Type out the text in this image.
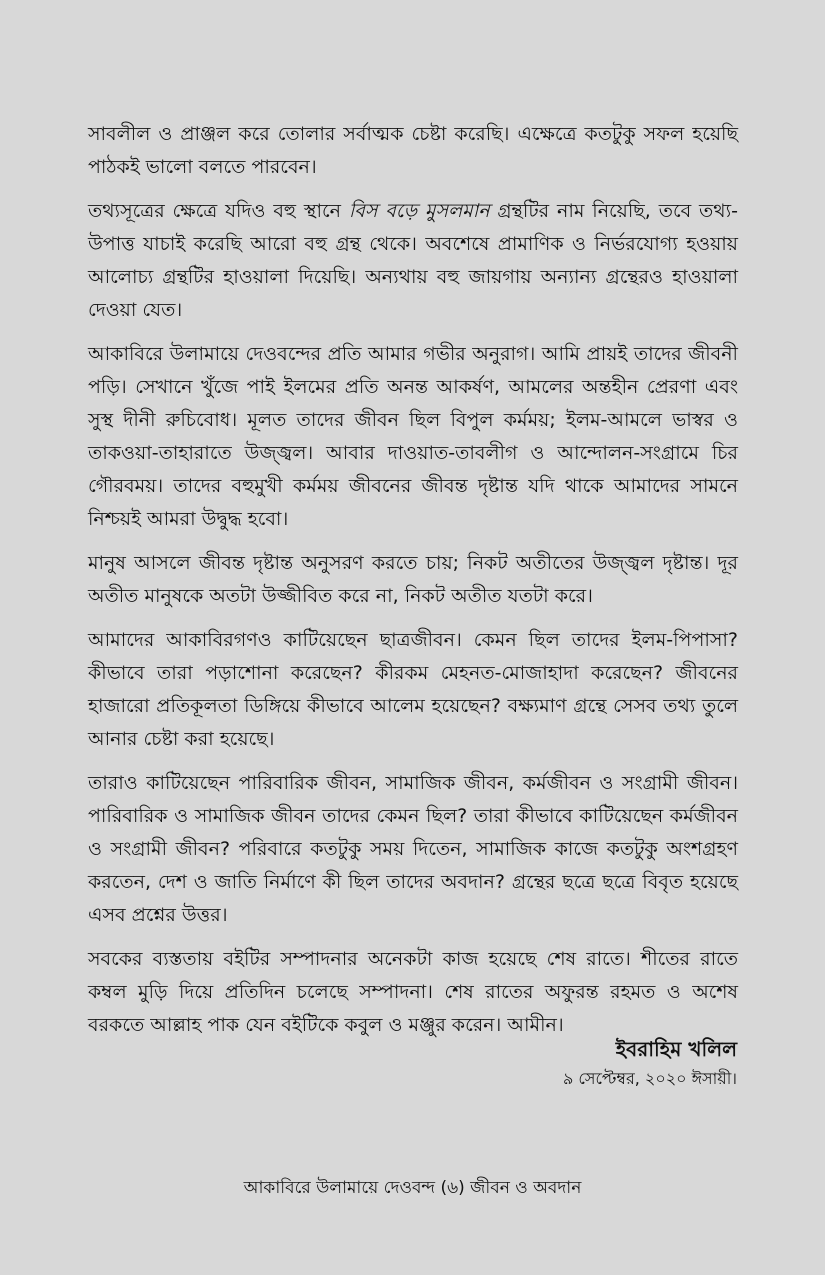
সাবলীল ও প্রাঞ্জল করে তোলার সর্বাত্মক চেষ্টা করেছি। এক্ষেত্রে কতটুকু সফল হয়েছি পাঠকই ভালো বলতে পারবেন।

তথ্যসূত্রের ক্ষেত্রে যদিও বহু স্থানে বিস বড়ে মুসলমান গ্রন্থটির নাম নিয়েছি, তবে তথ্য-উপাত্ত যাচাই করেছি আরো বহু গ্রন্থ থেকে। অবশেষে প্রামাণিক ও নির্ভরযোগ্য হওয়ায় আলোচ্য গ্রন্থটির হাওয়ালা দিয়েছি। অন্যথায় বহু জায়গায় অন্যান্য গ্রন্থেরও হাওয়ালা দেওয়া যেত।

আকাবিরে উলামায়ে দেওবন্দের প্রতি আমার গভীর অনুরাগ। আমি প্রায়ই তাদের জীবনী পড়ি। সেখানে খুঁজে পাই ইলমের প্রতি অনন্ত আকর্ষণ, আমলের অন্তহীন প্রেরণা এবং সুস্থ দীনী রুচিবোধ। মূলত তাদের জীবন ছিল বিপুল কর্মময়; ইলম-আমলে ভাস্বর ও তাকওয়া-তাহারাতে উজ্জ্বল। আবার দাওয়াত-তাবলীগ ও আন্দোলন-সংগ্রামে চির গৌরবময়। তাদের বহুমুখী কর্মময় জীবনের জীবন্ত দৃষ্টান্ত যদি থাকে আমাদের সামনে নিশ্চয়ই আমরা উদ্বুদ্ধ হবো।

মানুষ আসলে জীবন্ত দৃষ্টান্ত অনুসরণ করতে চায়; নিকট অতীতের উজ্জ্বল দৃষ্টান্ত। দূর অতীত মানুষকে অতটা উজ্জীবিত করে না, নিকট অতীত যতটা করে।

আমাদের আকাবিরগণও কাটিয়েছেন ছাত্রজীবন। কেমন ছিল তাদের ইলম-পিপাসা? কীভাবে তারা পড়াশোনা করেছেন? কীরকম মেহনত-মোজাহাদা করেছেন? জীবনের হাজারো প্রতিকূলতা ডিঙ্গিয়ে কীভাবে আলেম হয়েছেন? বক্ষ্যমাণ গ্রন্থে সেসব তথ্য তুলে আনার চেষ্টা করা হয়েছে।

তারাও কাটিয়েছেন পারিবারিক জীবন, সামাজিক জীবন, কর্মজীবন ও সংগ্রামী জীবন। পারিবারিক ও সামাজিক জীবন তাদের কেমন ছিল? তারা কীভাবে কাটিয়েছেন কর্মজীবন ও সংগ্রামী জীবন? পরিবারে কতটুকু সময় দিতেন, সামাজিক কাজে কতটুকু অংশগ্রহণ করতেন, দেশ ও জাতি নির্মাণে কী ছিল তাদের অবদান? গ্রন্থের ছত্রে ছত্রে বিবৃত হয়েছে এসব প্রশ্নের উত্তর।

সবকের ব্যস্ততায় বইটির সম্পাদনার অনেকটা কাজ হয়েছে শেষ রাতে। শীতের রাতে কম্বল মুড়ি দিয়ে প্রতিদিন চলেছে সম্পাদনা। শেষ রাতের অফুরন্ত রহমত ও অশেষ বরকতে আল্লাহ পাক যেন বইটিকে কবুল ও মঞ্জুর করেন। আমীন।

ইবরাহিম খলিল
৯ সেপ্টেম্বর, ২০২০ ঈসায়ী।
আকাবিরে উলামায়ে দেওবন্দ (৬) জীবন ও অবদান
